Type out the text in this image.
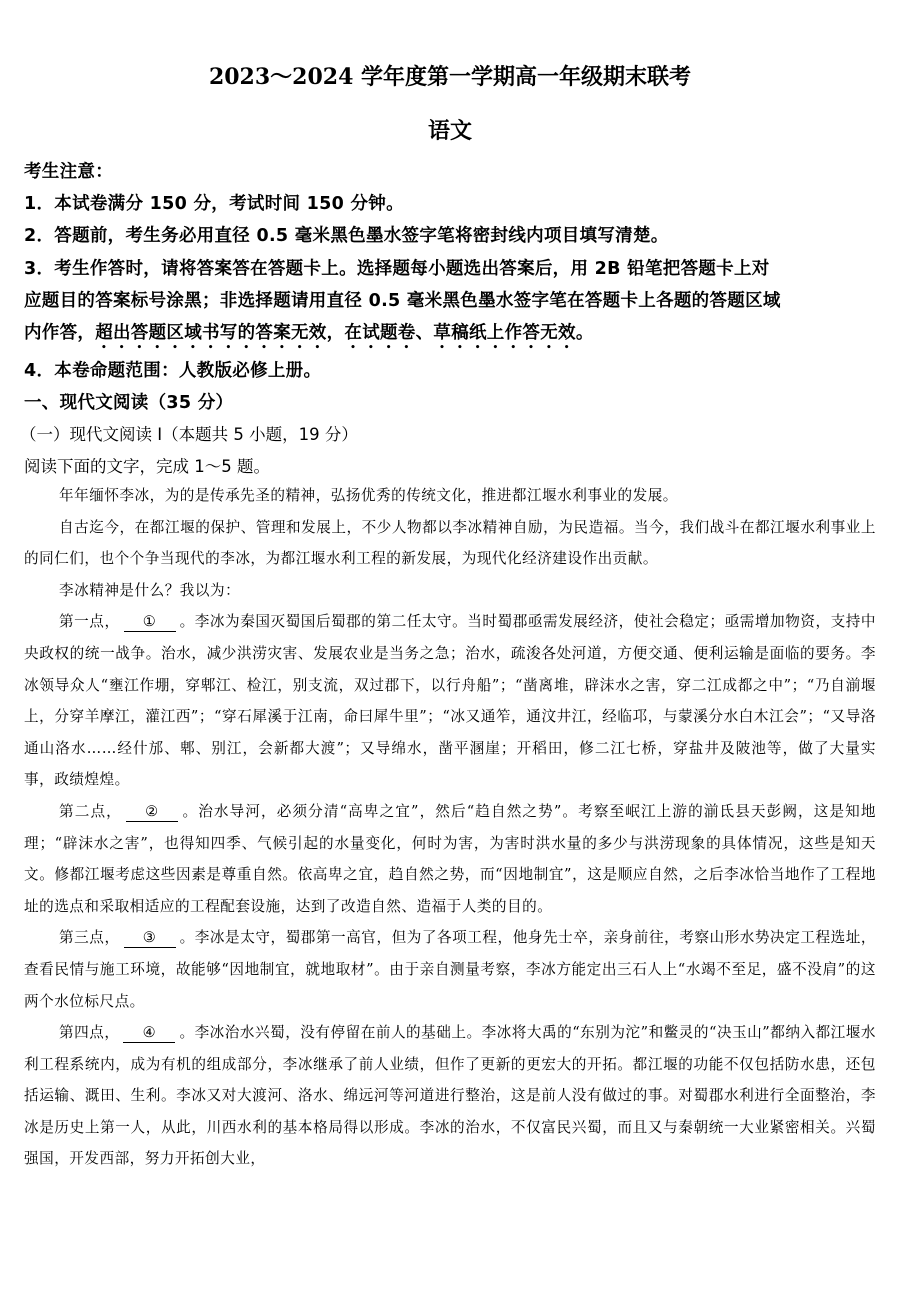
2023～2024 学年度第一学期高一年级期末联考
语文
考生注意：
1．本试卷满分 150 分，考试时间 150 分钟。
2．答题前，考生务必用直径 0.5 毫米黑色墨水签字笔将密封线内项目填写清楚。
3．考生作答时，请将答案答在答题卡上。选择题每小题选出答案后，用 2B 铅笔把答题卡上对
应题目的答案标号涂黑；非选择题请用直径 0.5 毫米黑色墨水签字笔在答题卡上各题的答题区域
内作答，超出答题区域书写的答案无效，在试题卷、草稿纸上作答无效。
4．本卷命题范围：人教版必修上册。
一、现代文阅读（35 分）
（一）现代文阅读 I（本题共 5 小题，19 分）
阅读下面的文字，完成 1～5 题。

年年缅怀李冰，为的是传承先圣的精神，弘扬优秀的传统文化，推进都江堰水利事业的发展。

自古迄今，在都江堰的保护、管理和发展上，不少人物都以李冰精神自励，为民造福。当今，我们战斗在都江堰水利事业上的同仁们，也个个争当现代的李冰，为都江堰水利工程的新发展，为现代化经济建设作出贡献。

李冰精神是什么？我以为：

第一点， ① 。李冰为秦国灭蜀国后蜀郡的第二任太守。当时蜀郡亟需发展经济，使社会稳定；亟需增加物资，支持中央政权的统一战争。治水，减少洪涝灾害、发展农业是当务之急；治水，疏浚各处河道，方便交通、便利运输是面临的要务。李冰领导众人“壅江作堋，穿郫江、检江，别支流，双过郡下，以行舟船”；“凿离堆，辟沫水之害，穿二江成都之中”；“乃自湔堰上，分穿羊摩江，灌江西”；“穿石犀溪于江南，命曰犀牛里”；“冰又通笮，通汶井江，经临邛，与蒙溪分水白木江会”；“又导洛通山洛水……经什邡、郫、别江，会新都大渡”；又导绵水，凿平溷崖；开稻田，修二江七桥，穿盐井及陂池等，做了大量实事，政绩煌煌。

第二点， ② 。治水导河，必须分清“高卑之宜”，然后“趋自然之势”。考察至岷江上游的湔氐县天彭阙，这是知地理；“辟沫水之害”，也得知四季、气候引起的水量变化，何时为害，为害时洪水量的多少与洪涝现象的具体情况，这些是知天文。修都江堰考虑这些因素是尊重自然。依高卑之宜，趋自然之势，而“因地制宜”，这是顺应自然，之后李冰恰当地作了工程地址的选点和采取相适应的工程配套设施，达到了改造自然、造福于人类的目的。

第三点， ③ 。李冰是太守，蜀郡第一高官，但为了各项工程，他身先士卒，亲身前往，考察山形水势决定工程选址，查看民情与施工环境，故能够“因地制宜，就地取材”。由于亲自测量考察，李冰方能定出三石人上“水竭不至足，盛不没肩”的这两个水位标尺点。

第四点， ④ 。李冰治水兴蜀，没有停留在前人的基础上。李冰将大禹的“东别为沱”和鳖灵的“决玉山”都纳入都江堰水利工程系统内，成为有机的组成部分，李冰继承了前人业绩，但作了更新的更宏大的开拓。都江堰的功能不仅包括防水患，还包括运输、溉田、生利。李冰又对大渡河、洛水、绵远河等河道进行整治，这是前人没有做过的事。对蜀郡水利进行全面整治，李冰是历史上第一人，从此，川西水利的基本格局得以形成。李冰的治水，不仅富民兴蜀，而且又与秦朝统一大业紧密相关。兴蜀强国，开发西部，努力开拓创大业，
